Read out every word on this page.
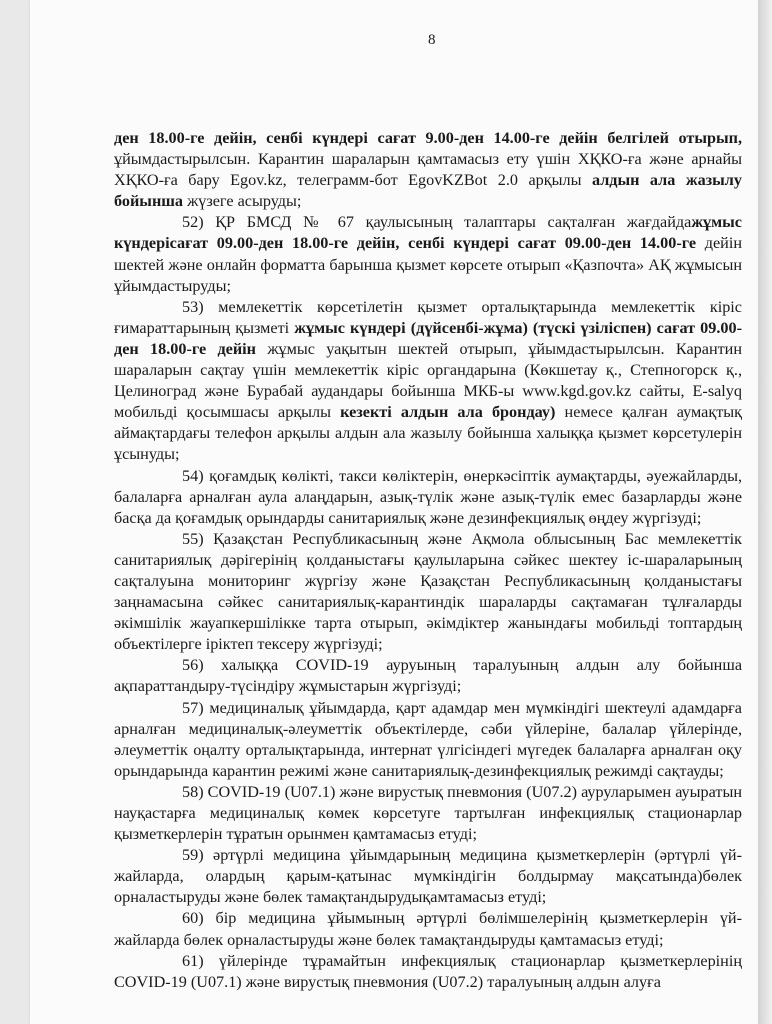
8

ден 18.00-ге дейін, сенбі күндері сағат 9.00-ден 14.00-ге дейін белгілей отырып, ұйымдастырылсын. Карантин шараларын қамтамасыз ету үшін ХҚКО-ға және арнайы ХҚКО-ға бару Egov.kz, телеграмм-бот EgovKZBot 2.0 арқылы алдын ала жазылу бойынша жүзеге асыруды;

52) ҚР БМСД № 67 қаулысының талаптары сақталған жағдайдажұмыс күндерісағат 09.00-ден 18.00-ге дейін, сенбі күндері сағат 09.00-ден 14.00-ге дейін шектей және онлайн форматта барынша қызмет көрсете отырып «Қазпочта» АҚ жұмысын ұйымдастыруды;

53) мемлекеттік көрсетілетін қызмет орталықтарында мемлекеттік кіріс ғимараттарының қызметі жұмыс күндері (дүйсенбі-жұма) (түскі үзіліспен) сағат 09.00-ден 18.00-ге дейін жұмыс уақытын шектей отырып, ұйымдастырылсын. Карантин шараларын сақтау үшін мемлекеттік кіріс органдарына (Көкшетау қ., Степногорск қ., Целиноград және Бурабай аудандары бойынша МКБ-ы www.kgd.gov.kz сайты, E-salyq мобильді қосымшасы арқылы кезекті алдын ала брондау) немесе қалған аумақтық аймақтардағы телефон арқылы алдын ала жазылу бойынша халыққа қызмет көрсетулерін ұсынуды;

54) қоғамдық көлікті, такси көліктерін, өнеркәсіптік аумақтарды, әуежайларды, балаларға арналған аула алаңдарын, азық-түлік және азық-түлік емес базарларды және басқа да қоғамдық орындарды санитариялық және дезинфекциялық өңдеу жүргізуді;

55) Қазақстан Республикасының және Ақмола облысының Бас мемлекеттік санитариялық дәрігерінің қолданыстағы қаулыларына сәйкес шектеу іс-шараларының сақталуына мониторинг жүргізу және Қазақстан Республикасының қолданыстағы заңнамасына сәйкес санитариялық-карантиндік шараларды сақтамаған тұлғаларды әкімшілік жауапкершілікке тарта отырып, әкімдіктер жанындағы мобильді топтардың объектілерге іріктеп тексеру жүргізуді;

56) халыққа COVID-19 ауруының таралуының алдын алу бойынша ақпараттандыру-түсіндіру жұмыстарын жүргізуді;

57) медициналық ұйымдарда, қарт адамдар мен мүмкіндігі шектеулі адамдарға арналған медициналық-әлеуметтік объектілерде, сәби үйлеріне, балалар үйлерінде, әлеуметтік оңалту орталықтарында, интернат үлгісіндегі мүгедек балаларға арналған оқу орындарында карантин режимі және санитариялық-дезинфекциялық режимді сақтауды;

58) COVID-19 (U07.1) және вирустық пневмония (U07.2) ауруларымен ауыратын науқастарға медициналық көмек көрсетуге тартылған инфекциялық стационарлар қызметкерлерін тұратын орынмен қамтамасыз етуді;

59) әртүрлі медицина ұйымдарының медицина қызметкерлерін (әртүрлі үй-жайларда, олардың қарым-қатынас мүмкіндігін болдырмау мақсатында)бөлек орналастыруды және бөлек тамақтандыруды​қамтамасыз етуді;

60) бір медицина ұйымының әртүрлі бөлімшелерінің қызметкерлерін үй-жайларда бөлек орналастыруды және бөлек тамақтандыруды қамтамасыз етуді;

61) үйлерінде тұрамайтын инфекциялық стационарлар қызметкерлерінің COVID-19 (U07.1) және вирустық пневмония (U07.2) таралуының алдын алуға
